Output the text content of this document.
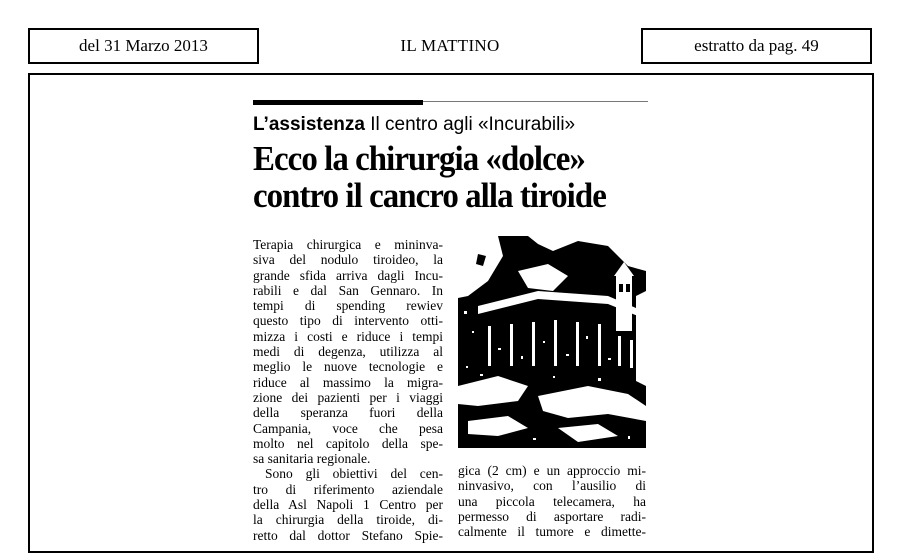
del 31 Marzo 2013	IL MATTINO	estratto da pag. 49
L’assistenza Il centro agli «Incurabili»
Ecco la chirurgia «dolce»
contro il cancro alla tiroide
Terapia chirurgica e mininva-
siva del nodulo tiroideo, la
grande sfida arriva dagli Incu-
rabili e dal San Gennaro. In
tempi di spending rewiev
questo tipo di intervento otti-
mizza i costi e riduce i tempi
medi di degenza, utilizza al
meglio le nuove tecnologie e
riduce al massimo la migra-
zione dei pazienti per i viaggi
della speranza fuori della
Campania, voce che pesa
molto nel capitolo della spe-
sa sanitaria regionale.
Sono gli obiettivi del cen-
tro di riferimento aziendale
della Asl Napoli 1 Centro per
la chirurgia della tiroide, di-
retto dal dottor Stefano Spie-
gica (2 cm) e un approccio mi-
ninvasivo, con l’ausilio di
una piccola telecamera, ha
permesso di asportare radi-
calmente il tumore e dimette-
